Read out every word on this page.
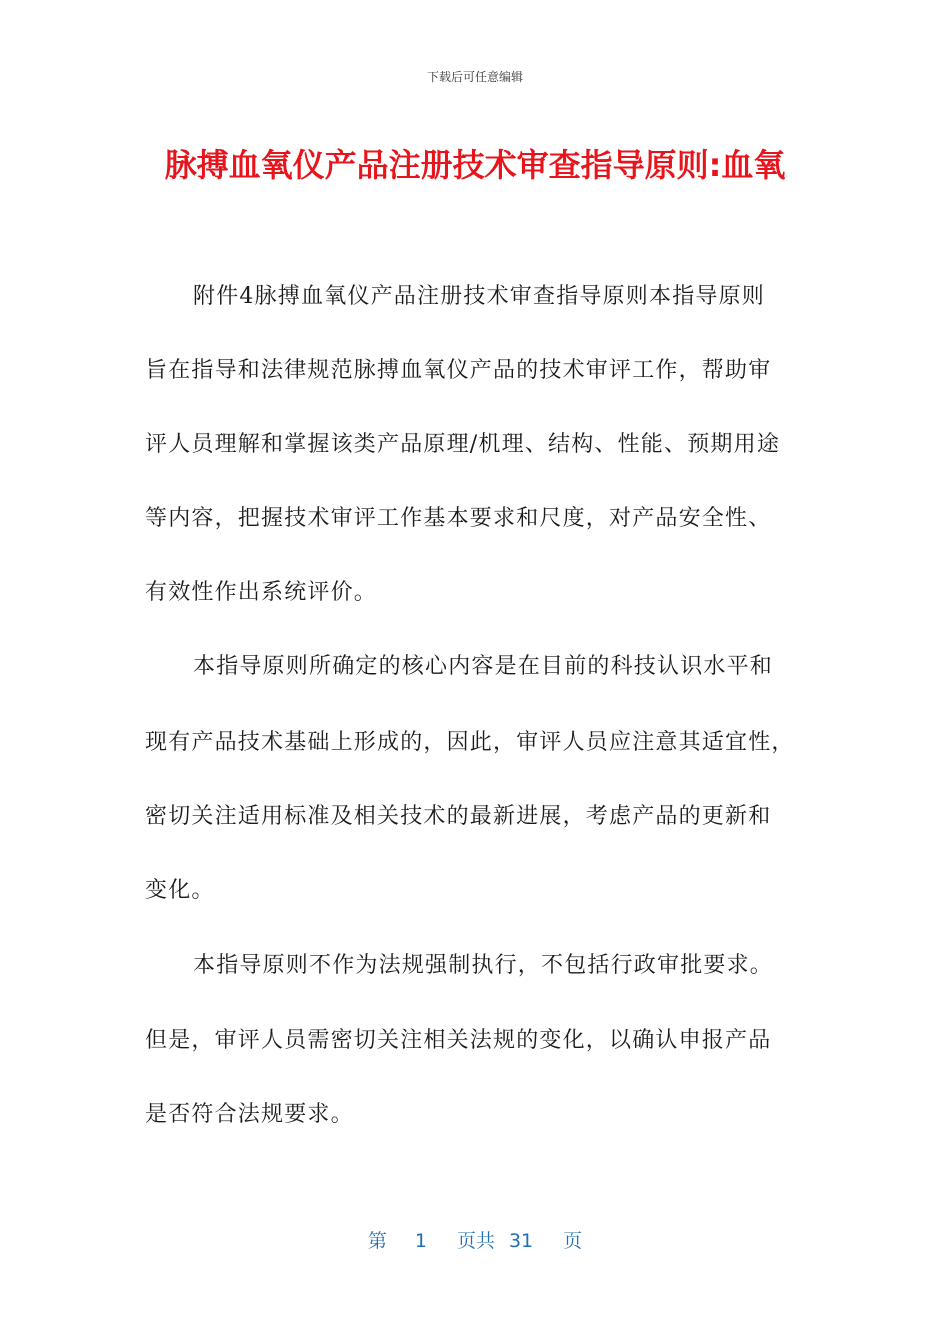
下载后可任意编辑
脉搏血氧仪产品注册技术审查指导原则:血氧
附件4脉搏血氧仪产品注册技术审查指导原则本指导原则
旨在指导和法律规范脉搏血氧仪产品的技术审评工作，帮助审
评人员理解和掌握该类产品原理/机理、结构、性能、预期用途
等内容，把握技术审评工作基本要求和尺度，对产品安全性、
有效性作出系统评价。
本指导原则所确定的核心内容是在目前的科技认识水平和
现有产品技术基础上形成的，因此，审评人员应注意其适宜性，
密切关注适用标准及相关技术的最新进展，考虑产品的更新和
变化。
本指导原则不作为法规强制执行，不包括行政审批要求。
但是，审评人员需密切关注相关法规的变化，以确认申报产品
是否符合法规要求。
第 1 页共 31 页
